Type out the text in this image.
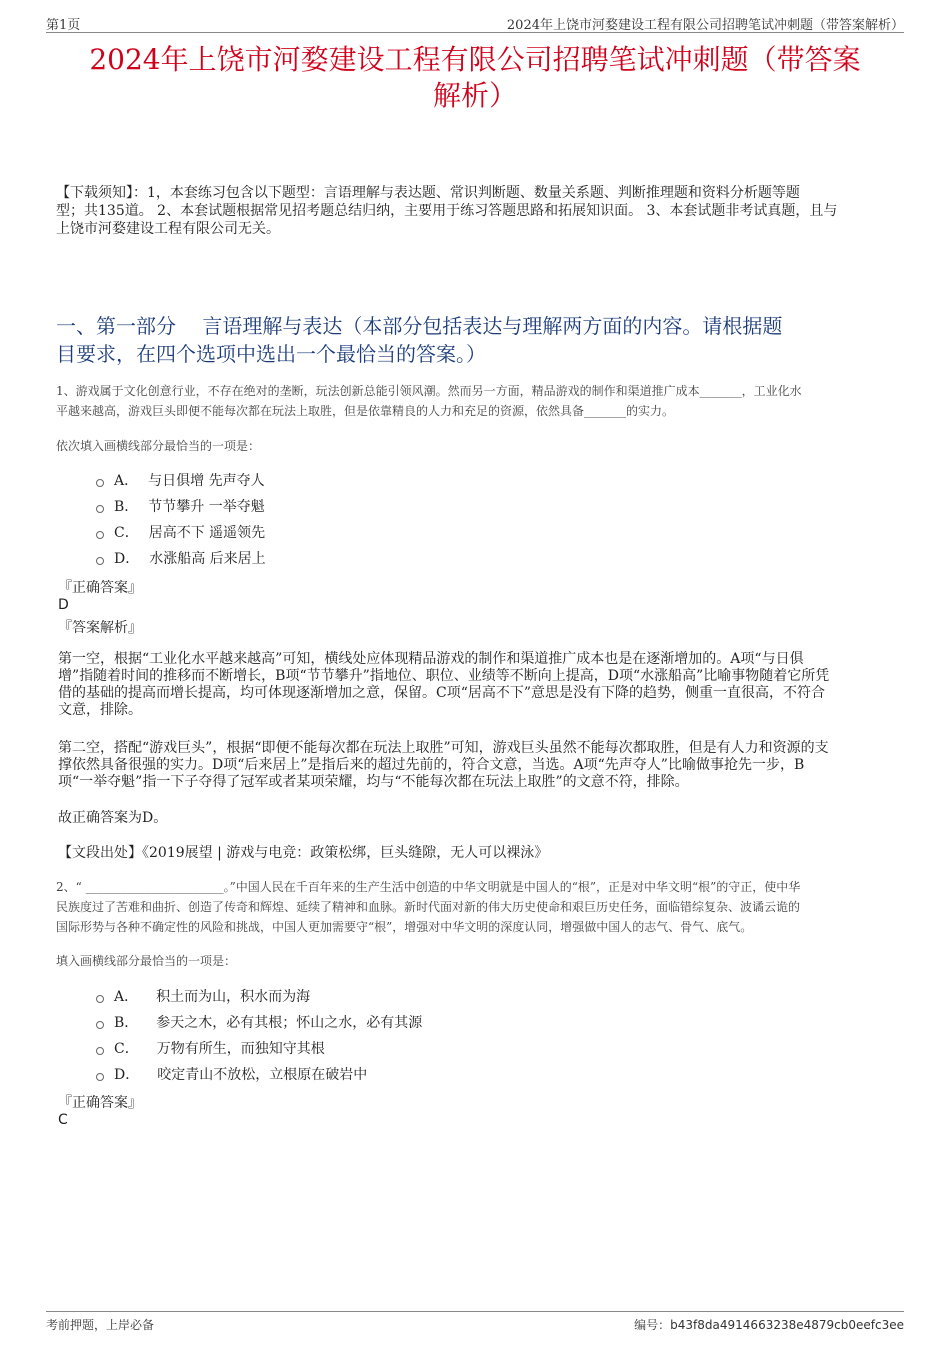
第1页	2024年上饶市河婺建设工程有限公司招聘笔试冲刺题（带答案解析）
2024年上饶市河婺建设工程有限公司招聘笔试冲刺题（带答案
解析）
【下载须知】：1，本套练习包含以下题型：言语理解与表达题、常识判断题、数量关系题、判断推理题和资料分析题等题
型；共135道。 2、本套试题根据常见招考题总结归纳，主要用于练习答题思路和拓展知识面。 3、本套试题非考试真题，且与
上饶市河婺建设工程有限公司无关。
一、第一部分　 言语理解与表达（本部分包括表达与理解两方面的内容。请根据题
目要求，在四个选项中选出一个最恰当的答案。）
1、游戏属于文化创意行业，不存在绝对的垄断，玩法创新总能引领风潮。然而另一方面，精品游戏的制作和渠道推广成本_______，工业化水
平越来越高，游戏巨头即便不能每次都在玩法上取胜，但是依靠精良的人力和充足的资源，依然具备_______的实力。
依次填入画横线部分最恰当的一项是：
A． 与日俱增 先声夺人
B． 节节攀升 一举夺魁
C． 居高不下 遥遥领先
D． 水涨船高 后来居上
『正确答案』
D
『答案解析』
第一空，根据“工业化水平越来越高”可知，横线处应体现精品游戏的制作和渠道推广成本也是在逐渐增加的。A项“与日俱
增”指随着时间的推移而不断增长，B项“节节攀升”指地位、职位、业绩等不断向上提高，D项“水涨船高”比喻事物随着它所凭
借的基础的提高而增长提高，均可体现逐渐增加之意，保留。C项“居高不下”意思是没有下降的趋势，侧重一直很高，不符合
文意，排除。
第二空，搭配“游戏巨头”，根据“即便不能每次都在玩法上取胜”可知，游戏巨头虽然不能每次都取胜，但是有人力和资源的支
撑依然具备很强的实力。D项“后来居上”是指后来的超过先前的，符合文意，当选。A项“先声夺人”比喻做事抢先一步，B
项“一举夺魁”指一下子夺得了冠军或者某项荣耀，均与“不能每次都在玩法上取胜”的文意不符，排除。
故正确答案为D。
【文段出处】《2019展望 | 游戏与电竞：政策松绑，巨头缝隙，无人可以裸泳》
2、“ _______________________。”中国人民在千百年来的生产生活中创造的中华文明就是中国人的“根”，正是对中华文明“根”的守正，使中华
民族度过了苦难和曲折、创造了传奇和辉煌、延续了精神和血脉。新时代面对新的伟大历史使命和艰巨历史任务，面临错综复杂、波谲云诡的
国际形势与各种不确定性的风险和挑战，中国人更加需要守“根”，增强对中华文明的深度认同，增强做中国人的志气、骨气、底气。
填入画横线部分最恰当的一项是：
A． 积土而为山，积水而为海
B． 参天之木，必有其根；怀山之水，必有其源
C． 万物有所生，而独知守其根
D． 咬定青山不放松，立根原在破岩中
『正确答案』
C
考前押题，上岸必备	编号：b43f8da4914663238e4879cb0eefc3ee
